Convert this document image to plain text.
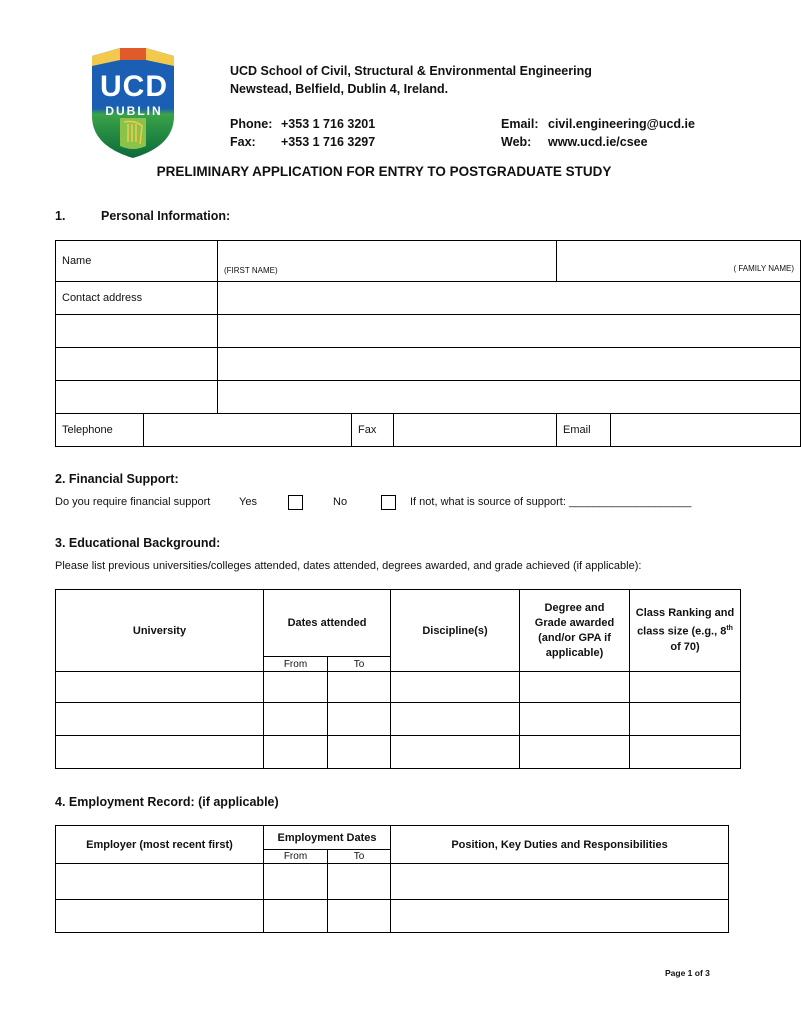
UCD
DUBLIN
UCD School of Civil, Structural & Environmental Engineering
Newstead, Belfield, Dublin 4, Ireland.
Phone: +353 1 716 3201
Fax: +353 1 716 3297
Email: civil.engineering@ucd.ie
Web: www.ucd.ie/csee
PRELIMINARY APPLICATION FOR ENTRY TO POSTGRADUATE STUDY
1.	Personal Information:
Name		(FIRST NAME)			( FAMILY NAME)	
Contact address						

Telephone			Fax		Email	
2. Financial Support:
Do you require financial support	Yes	No	If not, what is source of support: ____________________
3. Educational Background:
Please list previous universities/colleges attended, dates attended, degrees awarded, and grade achieved (if applicable):
University	Dates attended		Discipline(s)	Degree and Grade awarded (and/or GPA if applicable)	Class Ranking and class size (e.g., 8th of 70)
	From	To			

4. Employment Record: (if applicable)
Employer (most recent first)	Employment Dates		Position, Key Duties and Responsibilities
	From	To	

Page 1 of 3
